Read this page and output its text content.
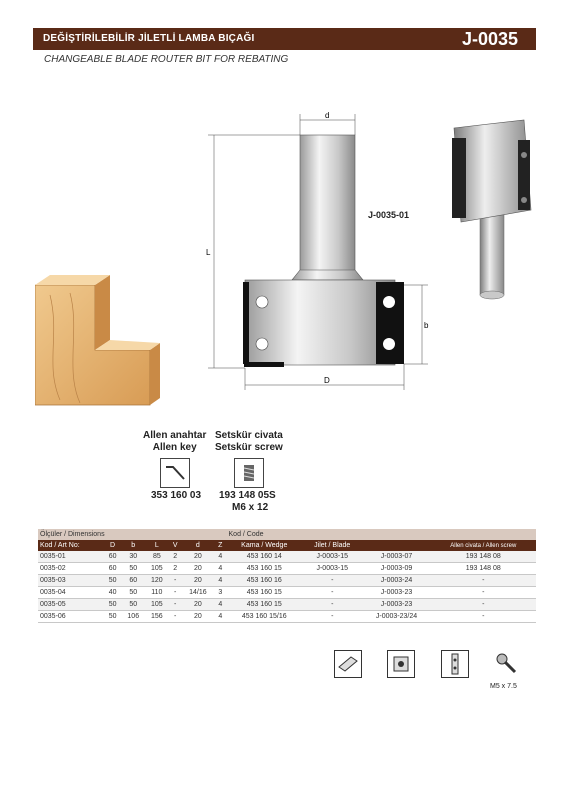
DEĞİŞTİRİLEBİLİR JİLETLİ LAMBA BIÇAĞI	J-0035
CHANGEABLE BLADE ROUTER BIT FOR REBATING
d
L
b
D
J-0035-01
Allen anahtar
Allen key
Setskür civata
Setskür screw
353 160 03 193 148 05S
M6 x 12
Ölçüler / Dimensions							Kod / Code			
Kod / Art No:	D	b	L	V	d	Z	Kama / Wedge	Jilet / Blade		Allen civata / Allen screw
0035-01	60	30	85	2	20	4	453 160 14	J-0003-15	J-0003-07	193 148 08
0035-02	60	50	105	2	20	4	453 160 15	J-0003-15	J-0003-09	193 148 08
0035-03	50	60	120	-	20	4	453 160 16	-	J-0003-24	-
0035-04	40	50	110	-	14/16	3	453 160 15	-	J-0003-23	-
0035-05	50	50	105	-	20	4	453 160 15	-	J-0003-23	-
0035-06	50	106	156	-	20	4	453 160 15/16	-	J-0003-23/24	-
M5 x 7.5
